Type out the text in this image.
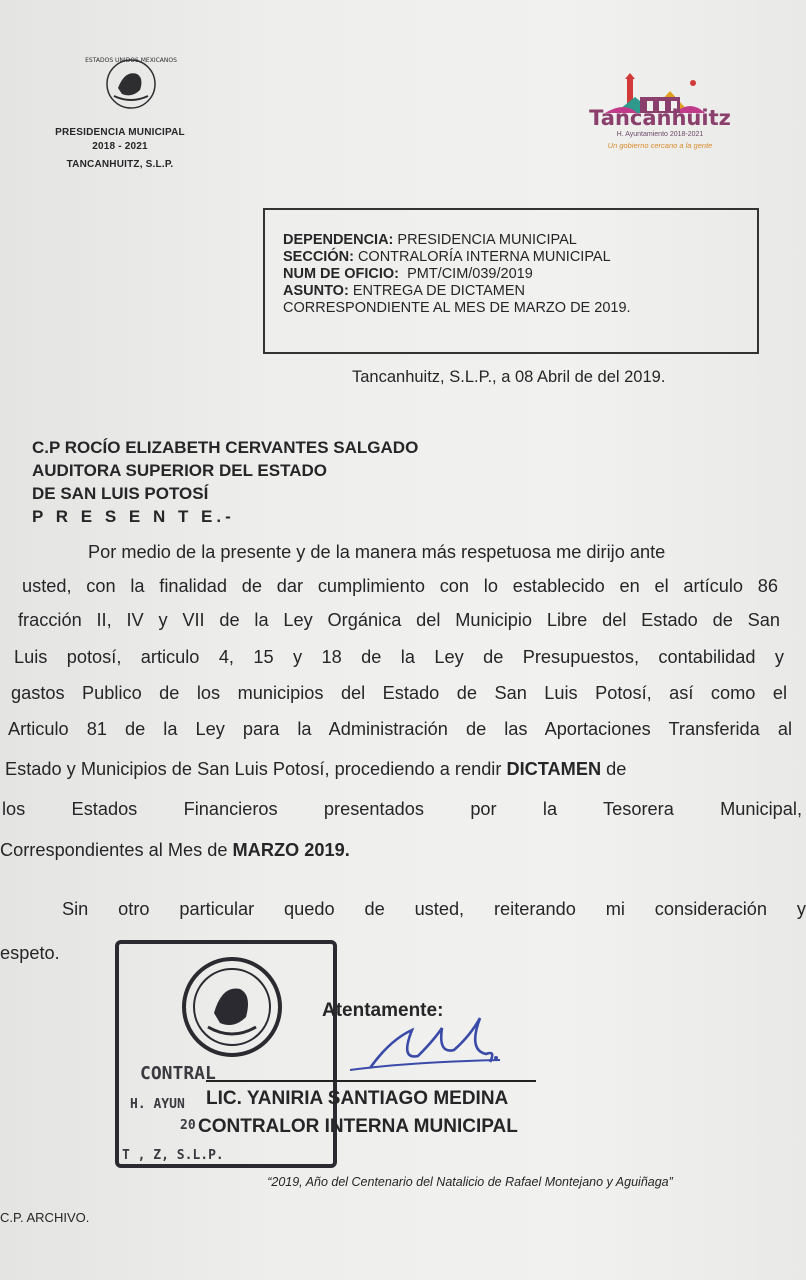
ESTADOS UNIDOS MEXICANOS
PRESIDENCIA MUNICIPAL
2018 - 2021
TANCANHUITZ, S.L.P.
Tancanhuitz
H. Ayuntamiento 2018-2021
Un gobierno cercano a la gente
DEPENDENCIA: PRESIDENCIA MUNICIPAL
SECCIÓN: CONTRALORÍA INTERNA MUNICIPAL
NUM DE OFICIO: PMT/CIM/039/2019
ASUNTO: ENTREGA DE DICTAMEN
CORRESPONDIENTE AL MES DE MARZO DE 2019.
Tancanhuitz, S.L.P., a 08 Abril de del 2019.
C.P ROCÍO ELIZABETH CERVANTES SALGADO
AUDITORA SUPERIOR DEL ESTADO
DE SAN LUIS POTOSÍ
P R E S E N T E.-
Por medio de la presente y de la manera más respetuosa me dirijo ante
usted, con la finalidad de dar cumplimiento con lo establecido en el artículo 86
fracción II, IV y VII de la Ley Orgánica del Municipio Libre del Estado de San
Luis potosí, articulo 4, 15 y 18 de la Ley de Presupuestos, contabilidad y
gastos Publico de los municipios del Estado de San Luis Potosí, así como el
Articulo 81 de la Ley para la Administración de las Aportaciones Transferida al
Estado y Municipios de San Luis Potosí, procediendo a rendir DICTAMEN de
los Estados Financieros presentados por la Tesorera Municipal,
Correspondientes al Mes de MARZO 2019.
Sin otro particular quedo de usted, reiterando mi consideración y
espeto.
CONTRAL
H. AYUN
20
T , Z, S.L.P.
Atentamente:
LIC. YANIRIA SANTIAGO MEDINA
CONTRALOR INTERNA MUNICIPAL
“2019, Año del Centenario del Natalicio de Rafael Montejano y Aguiñaga”
C.P. ARCHIVO.
